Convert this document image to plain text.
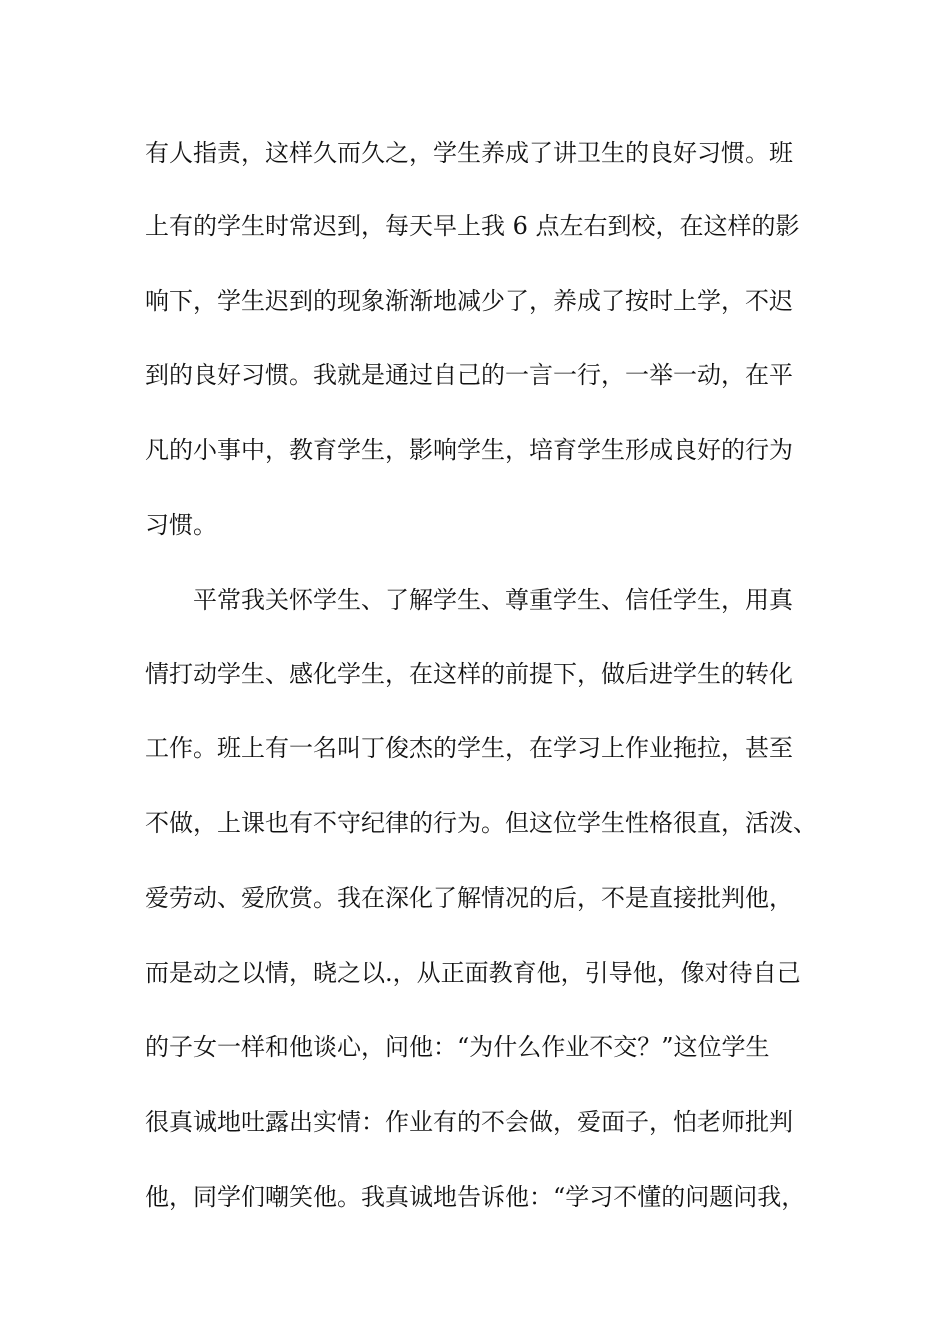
有人指责，这样久而久之，学生养成了讲卫生的良好习惯。班
上有的学生时常迟到，每天早上我 6 点左右到校，在这样的影
响下，学生迟到的现象渐渐地减少了，养成了按时上学，不迟
到的良好习惯。我就是通过自己的一言一行，一举一动，在平
凡的小事中，教育学生，影响学生，培育学生形成良好的行为
习惯。
平常我关怀学生、了解学生、尊重学生、信任学生，用真
情打动学生、感化学生，在这样的前提下，做后进学生的转化
工作。班上有一名叫丁俊杰的学生，在学习上作业拖拉，甚至
不做，上课也有不守纪律的行为。但这位学生性格很直，活泼、
爱劳动、爱欣赏。我在深化了解情况的后，不是直接批判他，
而是动之以情，晓之以.，从正面教育他，引导他，像对待自己
的子女一样和他谈心，问他：“为什么作业不交？”这位学生
很真诚地吐露出实情：作业有的不会做，爱面子，怕老师批判
他，同学们嘲笑他。我真诚地告诉他：“学习不懂的问题问我，
